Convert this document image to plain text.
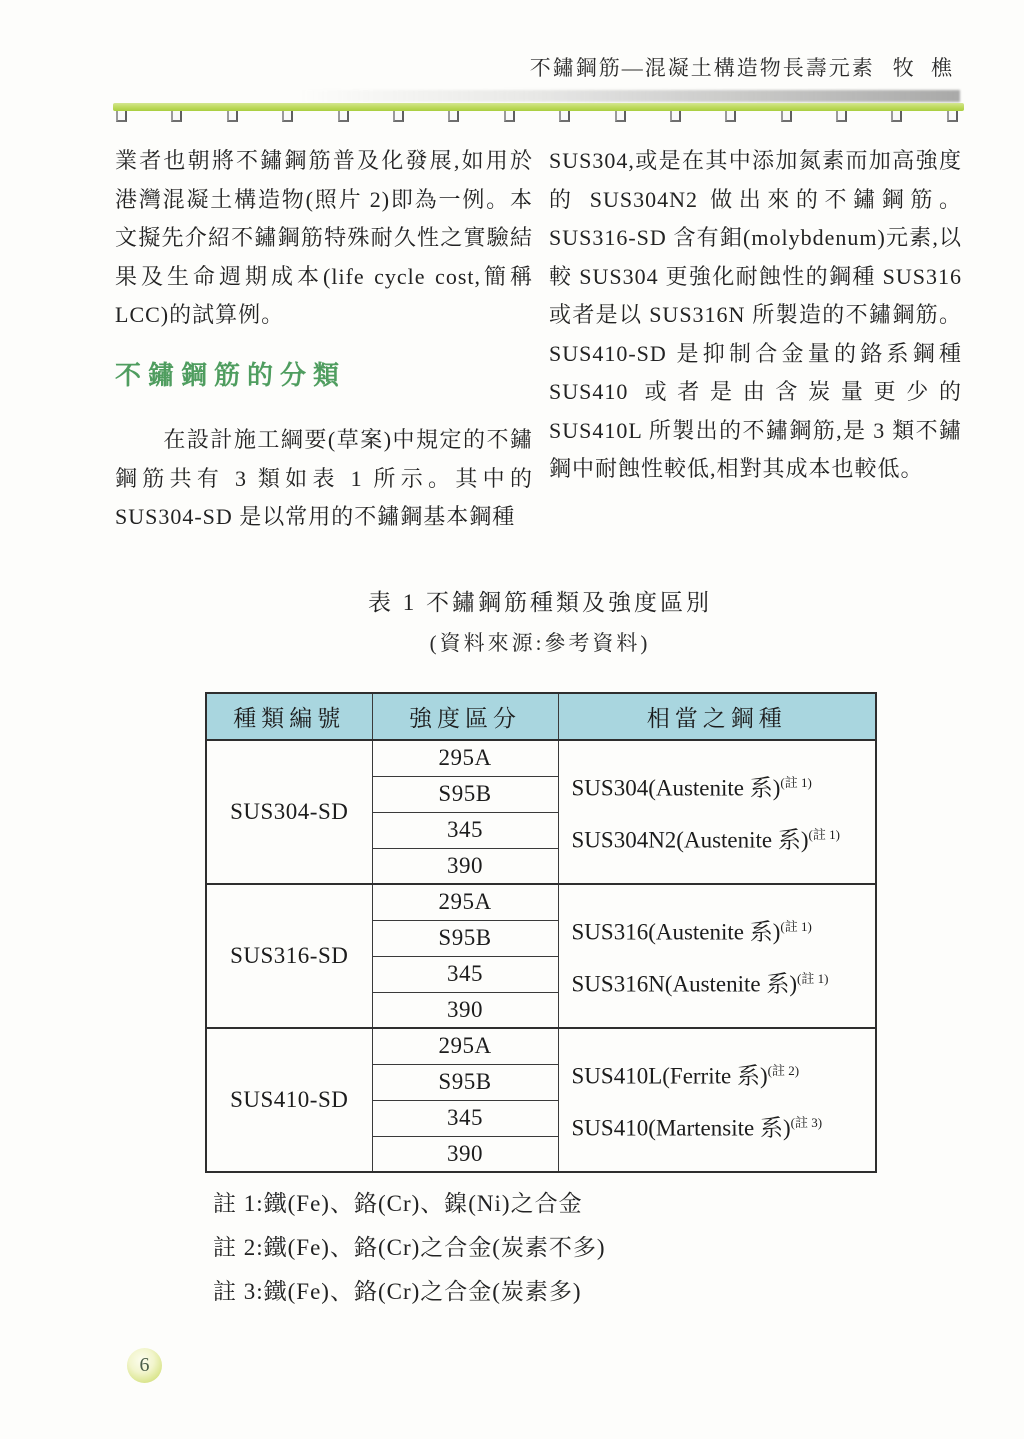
不鏽鋼筋—混凝土構造物長壽元素 牧 樵

業者也朝將不鏽鋼筋普及化發展,如用於港灣混凝土構造物(照片 2)即為一例。本文擬先介紹不鏽鋼筋特殊耐久性之實驗結果及生命週期成本(life cycle cost,簡稱 LCC)的試算例。

不鏽鋼筋的分類

在設計施工綱要(草案)中規定的不鏽鋼筋共有 3 類如表 1 所示。其中的 SUS304-SD 是以常用的不鏽鋼基本鋼種

SUS304,或是在其中添加氮素而加高強度的 SUS304N2 做出來的不鏽鋼筋。SUS316-SD 含有鉬(molybdenum)元素,以較 SUS304 更強化耐蝕性的鋼種 SUS316 或者是以 SUS316N 所製造的不鏽鋼筋。SUS410-SD 是抑制合金量的鉻系鋼種 SUS410 或者是由含炭量更少的 SUS410L 所製出的不鏽鋼筋,是 3 類不鏽鋼中耐蝕性較低,相對其成本也較低。

表 1 不鏽鋼筋種類及強度區別
(資料來源:參考資料)
種類編號	強度區分	相當之鋼種
SUS304-SD	295A	SUS304(Austenite 系)$^{(註 1)}$
SUS304N2(Austenite 系)$^{(註 1)}$

	S95B	
	345	
	390	
SUS316-SD	295A	SUS316(Austenite 系)$^{(註 1)}$
SUS316N(Austenite 系)$^{(註 1)}$

	S95B	
	345	
	390	
SUS410-SD	295A	SUS410L(Ferrite 系)$^{(註 2)}$
SUS410(Martensite 系)$^{(註 3)}$

	S95B	
	345	
	390	
註 1:鐵(Fe)、鉻(Cr)、鎳(Ni)之合金
註 2:鐵(Fe)、鉻(Cr)之合金(炭素不多)
註 3:鐵(Fe)、鉻(Cr)之合金(炭素多)
6
